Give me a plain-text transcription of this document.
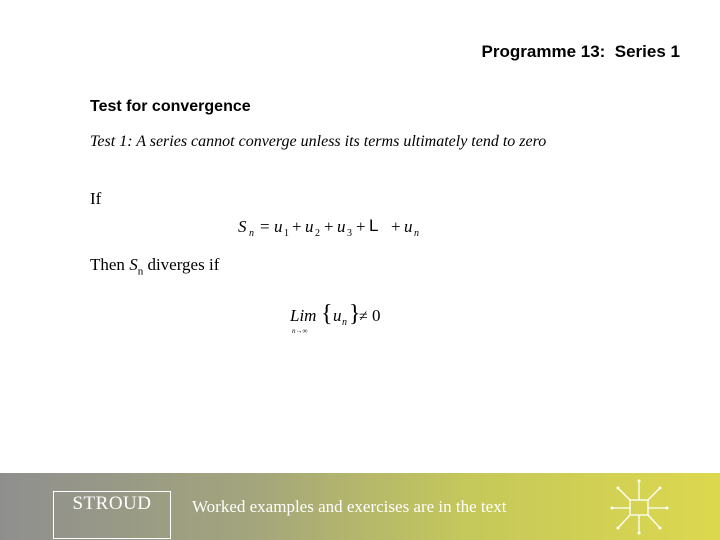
Programme 13:  Series 1
Test for convergence
Test 1: A series cannot converge unless its terms ultimately tend to zero
If
S n = u 1 + u 2 + u 3 + L + u n
Then $S_n$ diverges if
Lim
n→∞
{ u n }
≠ 0
STROUD	Worked examples and exercises are in the text
